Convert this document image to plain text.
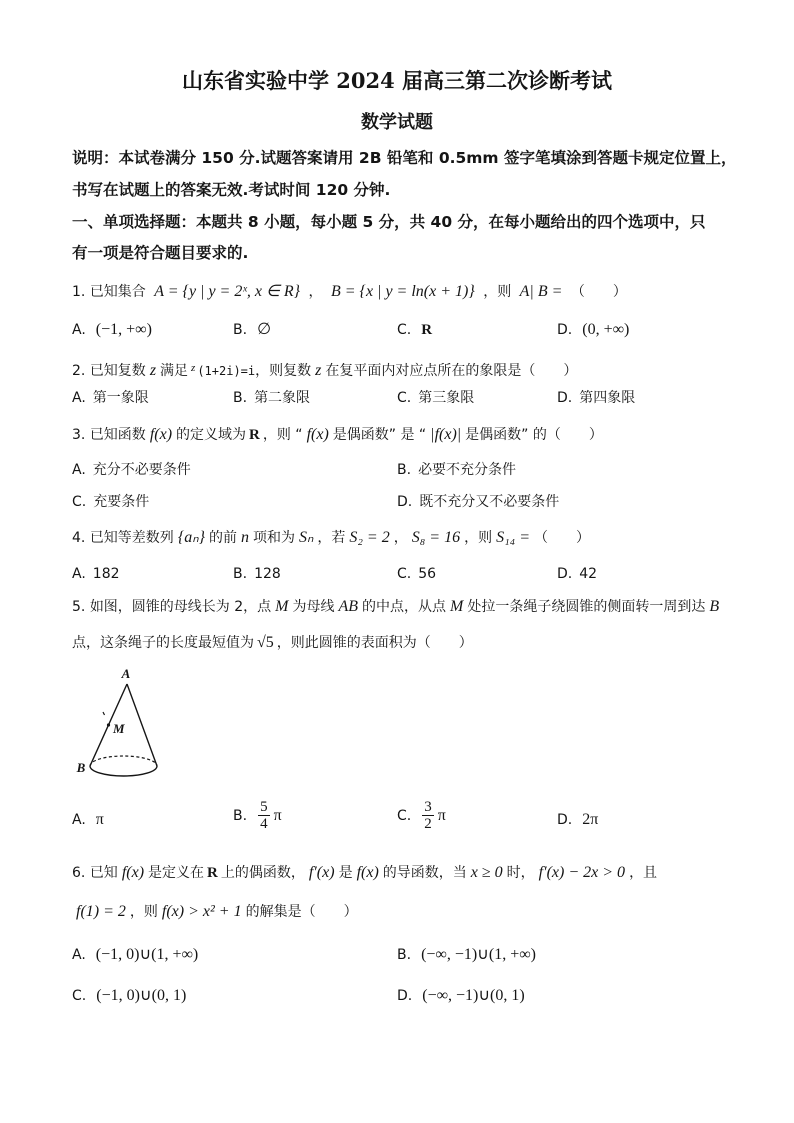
山东省实验中学 2024 届高三第二次诊断考试
数学试题
说明：本试卷满分 150 分.试题答案请用 2B 铅笔和 0.5mm 签字笔填涂到答题卡规定位置上，
书写在试题上的答案无效.考试时间 120 分钟.
一、单项选择题：本题共 8 小题，每小题 5 分，共 40 分，在每小题给出的四个选项中，只
有一项是符合题目要求的.
1. 已知集合 A = {y | y = 2ˣ, x ∈ R} ， B = {x | y = ln(x + 1)} ，则 A| B = （　　）
A. (−1, +∞)	B. ∅	C. R	D. (0, +∞)
2. 已知复数 z 满足 $^z$ (1+2i)=i，则复数 z 在复平面内对应点所在的象限是（　　）
A. 第一象限	B. 第二象限	C. 第三象限	D. 第四象限
3. 已知函数 f(x) 的定义域为 R ，则 “ f(x) 是偶函数” 是 “ |f(x)| 是偶函数” 的（　　）
A. 充分不必要条件	B. 必要不充分条件
C. 充要条件	D. 既不充分又不必要条件
4. 已知等差数列 {aₙ} 的前 n 项和为 Sₙ ，若 S₂ = 2 ， S₈ = 16 ，则 S₁₄ = （　　）
A. 182	B. 128	C. 56	D. 42
5. 如图，圆锥的母线长为 2，点 M 为母线 AB 的中点，从点 M 处拉一条绳子绕圆锥的侧面转一周到达 B
点，这条绳子的长度最短值为 √5 ，则此圆锥的表面积为（　　）
A
M
B
A. π	B. $\frac{5}{4}$ π	C. $\frac{3}{2}$ π	D. 2π
6. 已知 f(x) 是定义在 R 上的偶函数， f′(x) 是 f(x) 的导函数，当 x ≥ 0 时， f′(x) − 2x > 0 ，且
f(1) = 2 ，则 f(x) > x² + 1 的解集是（　　）
A. (−1, 0)∪(1, +∞)	B. (−∞, −1)∪(1, +∞)
C. (−1, 0)∪(0, 1)	D. (−∞, −1)∪(0, 1)
